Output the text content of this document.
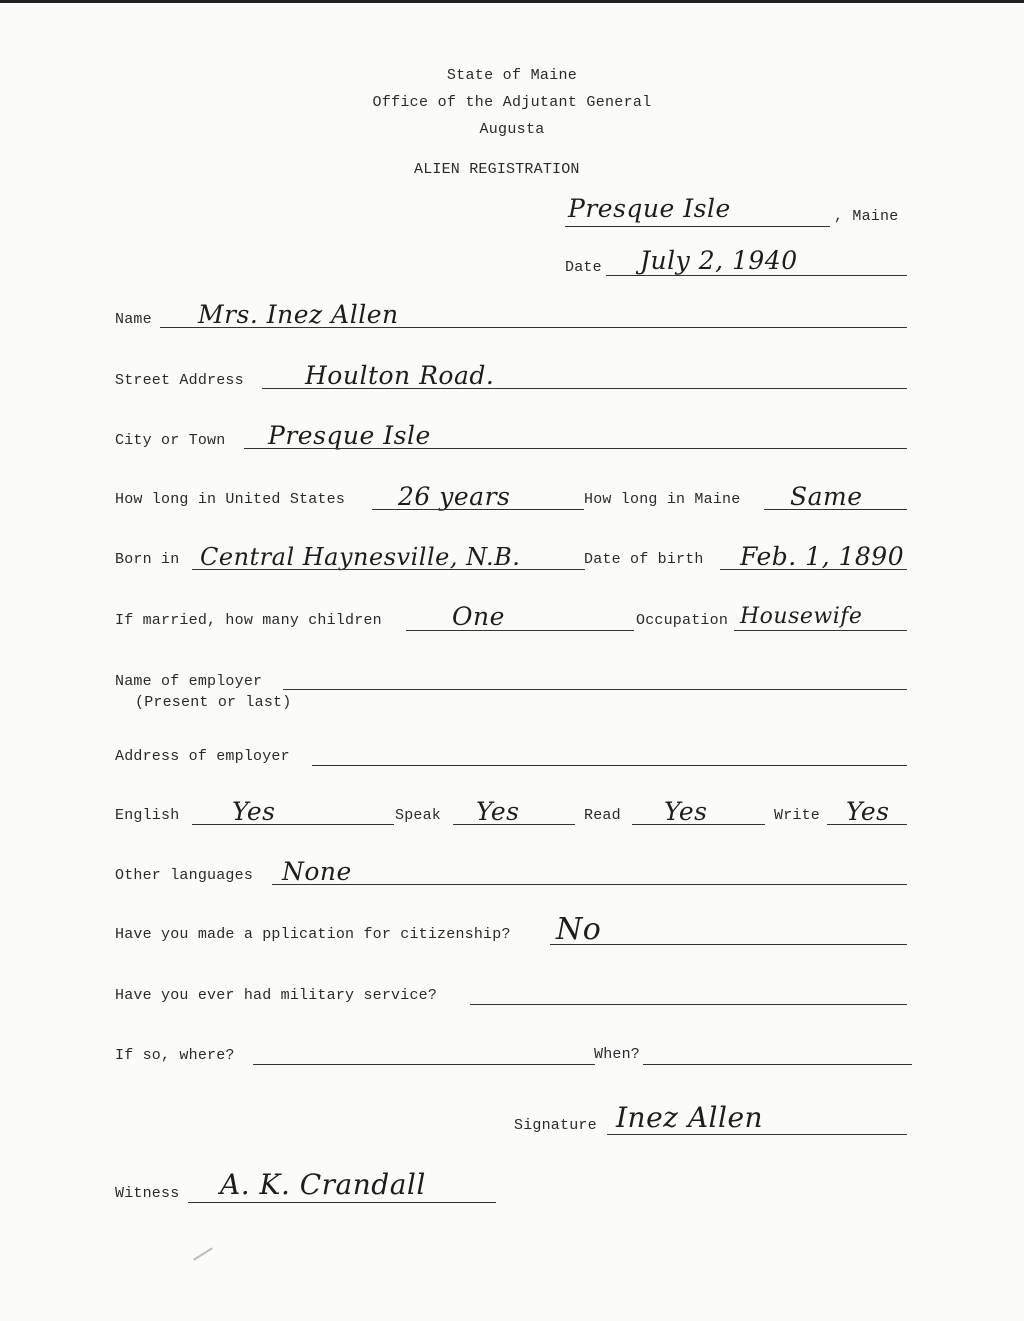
State of Maine
Office of the Adjutant General
Augusta
ALIEN REGISTRATION
Presque Isle	, Maine
Date July 2, 1940
Name Mrs. Inez Allen
Street Address Houlton Road.
City or Town Presque Isle
How long in United States 26 years	How long in Maine Same
Born in Central Haynesville, N.B.	Date of birth Feb. 1, 1890
If married, how many children	One	Occupation Housewife
Name of employer
(Present or last)
Address of employer
English Yes	Speak Yes	Read Yes	Write Yes
Other languages None
Have you made a pplication for citizenship? No
Have you ever had military service?
If so, where?	When?
Signature Inez Allen
Witness A. K. Crandall
